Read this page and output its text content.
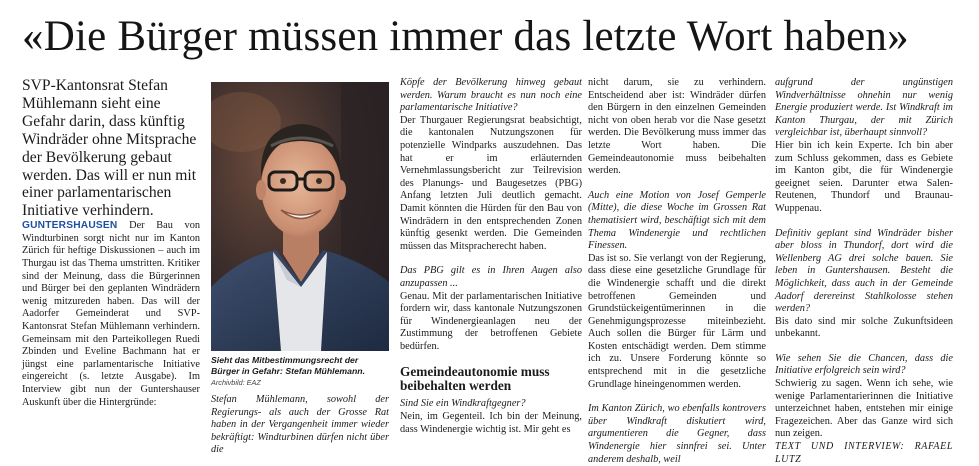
«Die Bürger müssen immer das letzte Wort haben»

SVP-Kantonsrat Stefan Mühlemann sieht eine Gefahr darin, dass künftig Windräder ohne Mitsprache der Bevölkerung gebaut werden. Das will er nun mit einer parlamentarischen Initiative verhindern.

GUNTERSHAUSEN Der Bau von Windturbinen sorgt nicht nur im Kanton Zürich für heftige Diskussionen – auch im Thurgau ist das Thema umstritten. Kritiker sind der Meinung, dass die Bürgerinnen und Bürger bei den geplanten Windrädern wenig mitzureden haben. Das will der Aadorfer Gemeinderat und SVP-Kantonsrat Stefan Mühlemann verhindern. Gemeinsam mit den Parteikollegen Ruedi Zbinden und Eveline Bachmann hat er jüngst eine parlamentarische Initiative eingereicht (s. letzte Ausgabe). Im Interview gibt nun der Guntershauser Auskunft über die Hintergründe:

Sieht das Mitbestimmungsrecht der Bürger in Gefahr: Stefan Mühlemann. Archivbild: EAZ

Stefan Mühlemann, sowohl der Regierungs- als auch der Grosse Rat haben in der Vergangenheit immer wieder bekräftigt: Windturbinen dürfen nicht über die

Köpfe der Bevölkerung hinweg gebaut werden. Warum braucht es nun noch eine parlamentarische Initiative?

Der Thurgauer Regierungsrat beabsichtigt, die kantonalen Nutzungszonen für potenzielle Windparks auszudehnen. Das hat er im erläuternden Vernehmlassungsbericht zur Teilrevision des Planungs- und Baugesetzes (PBG) Anfang letzten Juli deutlich gemacht. Damit könnten die Hürden für den Bau von Windrädern in den entsprechenden Zonen künftig gesenkt werden. Die Gemeinden müssen das Mitspracherecht haben.

Das PBG gilt es in Ihren Augen also anzupassen ...

Genau. Mit der parlamentarischen Initiative fordern wir, dass kantonale Nutzungszonen für Windenergieanlagen neu der Zustimmung der betroffenen Gebiete bedürfen.

Gemeindeautonomie muss beibehalten werden

Sind Sie ein Windkraftgegner?

Nein, im Gegenteil. Ich bin der Meinung, dass Windenergie wichtig ist. Mir geht es

nicht darum, sie zu verhindern. Entscheidend aber ist: Windräder dürfen den Bürgern in den einzelnen Gemeinden nicht von oben herab vor die Nase gesetzt werden. Die Bevölkerung muss immer das letzte Wort haben. Die Gemeindeautonomie muss beibehalten werden.

Auch eine Motion von Josef Gemperle (Mitte), die diese Woche im Grossen Rat thematisiert wird, beschäftigt sich mit dem Thema Windenergie und rechtlichen Finessen.

Das ist so. Sie verlangt von der Regierung, dass diese eine gesetzliche Grundlage für die Windenergie schafft und die direkt betroffenen Gemeinden und Grundstückeigentümerinnen in die Genehmigungsprozesse miteinbezieht. Auch sollen die Bürger für Lärm und Kosten entschädigt werden. Dem stimme ich zu. Unsere Forderung könnte so entsprechend mit in die gesetzliche Grundlage hineingenommen werden.

Im Kanton Zürich, wo ebenfalls kontrovers über Windkraft diskutiert wird, argumentieren die Gegner, dass Windenergie hier sinnfrei sei. Unter anderem deshalb, weil

aufgrund der ungünstigen Windverhältnisse ohnehin nur wenig Energie produziert werde. Ist Windkraft im Kanton Thurgau, der mit Zürich vergleichbar ist, überhaupt sinnvoll?

Hier bin ich kein Experte. Ich bin aber zum Schluss gekommen, dass es Gebiete im Kanton gibt, die für Windenergie geeignet seien. Darunter etwa Salen-Reutenen, Thundorf und Braunau-Wuppenau.

Definitiv geplant sind Windräder bisher aber bloss in Thundorf, dort wird die Wellenberg AG drei solche bauen. Sie leben in Guntershausen. Besteht die Möglichkeit, dass auch in der Gemeinde Aadorf derereinst Stahlkolosse stehen werden?

Bis dato sind mir solche Zukunftsideen unbekannt.

Wie sehen Sie die Chancen, dass die Initiative erfolgreich sein wird?

Schwierig zu sagen. Wenn ich sehe, wie wenige Parlamentarierinnen die Initiative unterzeichnet haben, entstehen mir einige Fragezeichen. Aber das Ganze wird sich nun zeigen.

TEXT UND INTERVIEW: RAFAEL LUTZ
